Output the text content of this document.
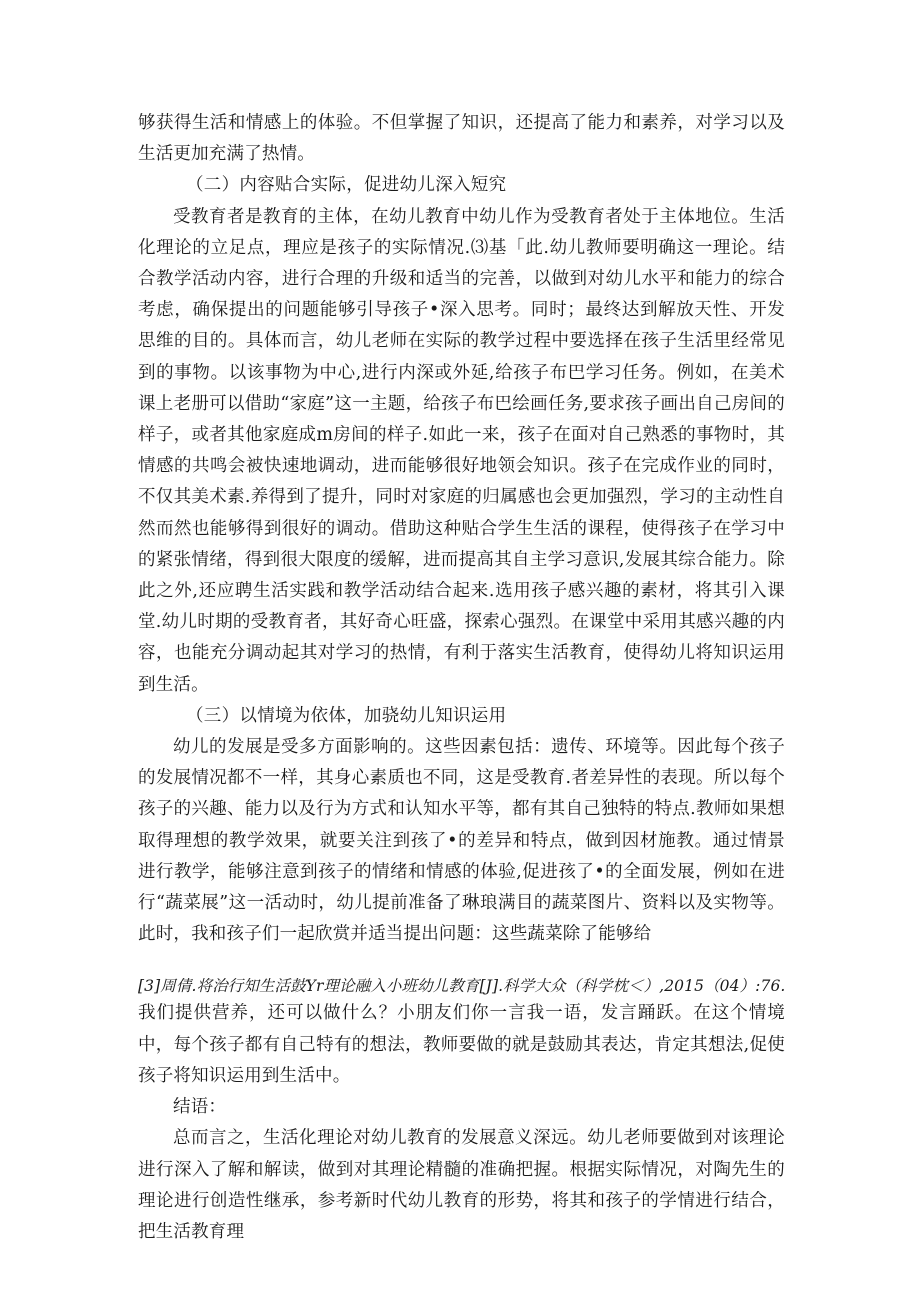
够获得生活和情感上的体验。不但掌握了知识，还提高了能力和素养，对学习以及生活更加充满了热情。

（二）内容贴合实际，促进幼儿深入短究

受教育者是教育的主体，在幼儿教育中幼儿作为受教育者处于主体地位。生活化理论的立足点，理应是孩子的实际情况.⑶基「此.幼儿教师要明确这一理论。结合教学活动内容，进行合理的升级和适当的完善，以做到对幼儿水平和能力的综合考虑，确保提出的问题能够引导孩子•深入思考。同时；最终达到解放天性、开发思维的目的。具体而言，幼儿老师在实际的教学过程中要选择在孩子生活里经常见到的事物。以该事物为中心,进行内深或外延,给孩子布巴学习任务。例如，在美术课上老册可以借助“家庭”这一主题，给孩子布巴绘画任务,要求孩子画出自己房间的样子，或者其他家庭成m房间的样子.如此一来，孩子在面对自己熟悉的事物时，其情感的共鸣会被快速地调动，进而能够很好地领会知识。孩子在完成作业的同时，不仅其美术素.养得到了提升，同时对家庭的归属感也会更加强烈，学习的主动性自然而然也能够得到很好的调动。借助这种贴合学生生活的课程，使得孩子在学习中的紧张情绪，得到很大限度的缓解，进而提高其自主学习意识,发展其综合能力。除此之外,还应聘生活实践和教学活动结合起来.选用孩子感兴趣的素材，将其引入课堂.幼儿时期的受教育者，其好奇心旺盛，探索心强烈。在课堂中采用其感兴趣的内容，也能充分调动起其对学习的热情，有利于落实生活教育，使得幼儿将知识运用到生活。

（三）以情境为依体，加骁幼儿知识运用

幼儿的发展是受多方面影响的。这些因素包括：遗传、环境等。因此每个孩子的发展情况都不一样，其身心素质也不同，这是受教育.者差异性的表现。所以每个孩子的兴趣、能力以及行为方式和认知水平等，都有其自己独特的特点.教师如果想取得理想的教学效果，就要关注到孩了•的差异和特点，做到因材施教。通过情景进行教学，能够注意到孩子的情绪和情感的体验,促进孩了•的全面发展，例如在进行“蔬菜展”这一活动时，幼儿提前准备了琳琅满目的蔬菜图片、资料以及实物等。此时，我和孩子们一起欣赏并适当提出问题：这些蔬菜除了能够给

[3]周倩.将治行知生活鼓Yr理论融入小班幼儿教育[J].科学大众（科学枕＜）,2015（04）:76.

我们提供营养，还可以做什么？小朋友们你一言我一语，发言踊跃。在这个情境中，每个孩子都有自己特有的想法，教师要做的就是鼓励其表达，肯定其想法,促使孩子将知识运用到生活中。

结语：

总而言之，生活化理论对幼儿教育的发展意义深远。幼儿老师要做到对该理论进行深入了解和解读，做到对其理论精髓的准确把握。根据实际情况，对陶先生的理论进行创造性继承，参考新时代幼儿教育的形势，将其和孩子的学情进行结合，把生活教育理
